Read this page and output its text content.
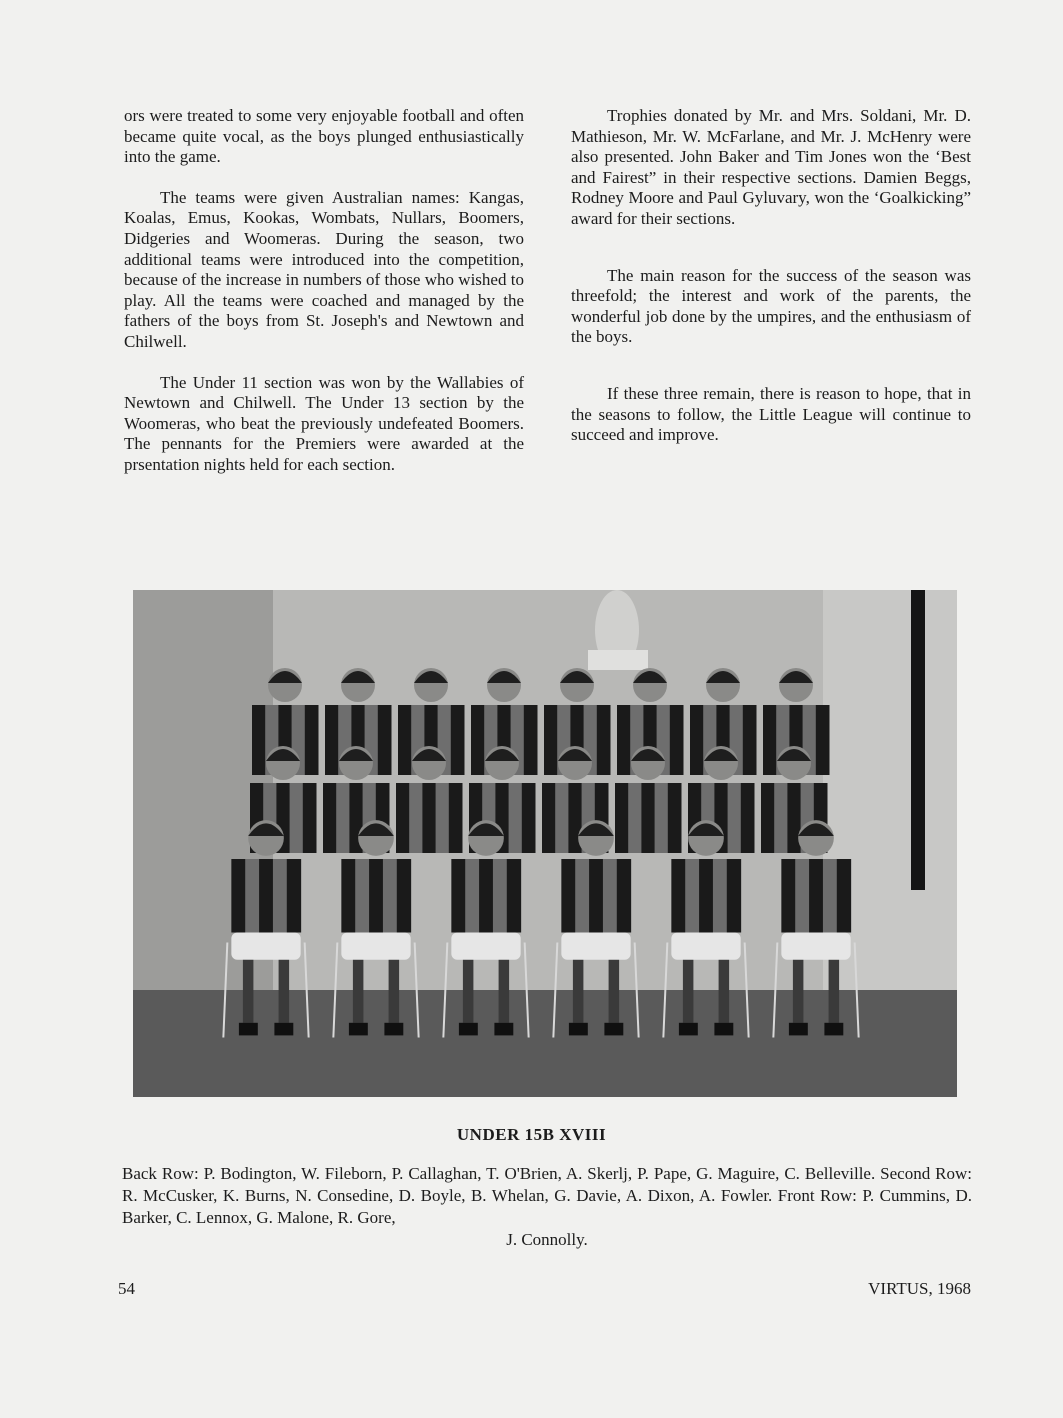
ors were treated to some very enjoyable football and often became quite vocal, as the boys plunged enthusiastically into the game.

The teams were given Australian names: Kangas, Koalas, Emus, Kookas, Wombats, Nullars, Boomers, Didgeries and Woomeras. During the season, two additional teams were introduced into the competition, because of the increase in numbers of those who wished to play. All the teams were coached and managed by the fathers of the boys from St. Joseph's and Newtown and Chilwell.

The Under 11 section was won by the Wallabies of Newtown and Chilwell. The Under 13 section by the Woomeras, who beat the previously undefeated Boomers. The pennants for the Premiers were awarded at the prsentation nights held for each section.

Trophies donated by Mr. and Mrs. Soldani, Mr. D. Mathieson, Mr. W. McFarlane, and Mr. J. McHenry were also presented. John Baker and Tim Jones won the ‘Best and Fairest” in their respective sections. Damien Beggs, Rodney Moore and Paul Gyluvary, won the ‘Goalkicking” award for their sections.

The main reason for the success of the season was threefold; the interest and work of the parents, the wonderful job done by the umpires, and the enthusiasm of the boys.

If these three remain, there is reason to hope, that in the seasons to follow, the Little League will continue to succeed and improve.

UNDER 15B XVIII
Back Row: P. Bodington, W. Fileborn, P. Callaghan, T. O'Brien, A. Skerlj, P. Pape, G. Maguire, C. Belleville. Second Row: R. McCusker, K. Burns, N. Consedine, D. Boyle, B. Whelan, G. Davie, A. Dixon, A. Fowler. Front Row: P. Cummins, D. Barker, C. Lennox, G. Malone, R. Gore,
J. Connolly.
54	VIRTUS, 1968
